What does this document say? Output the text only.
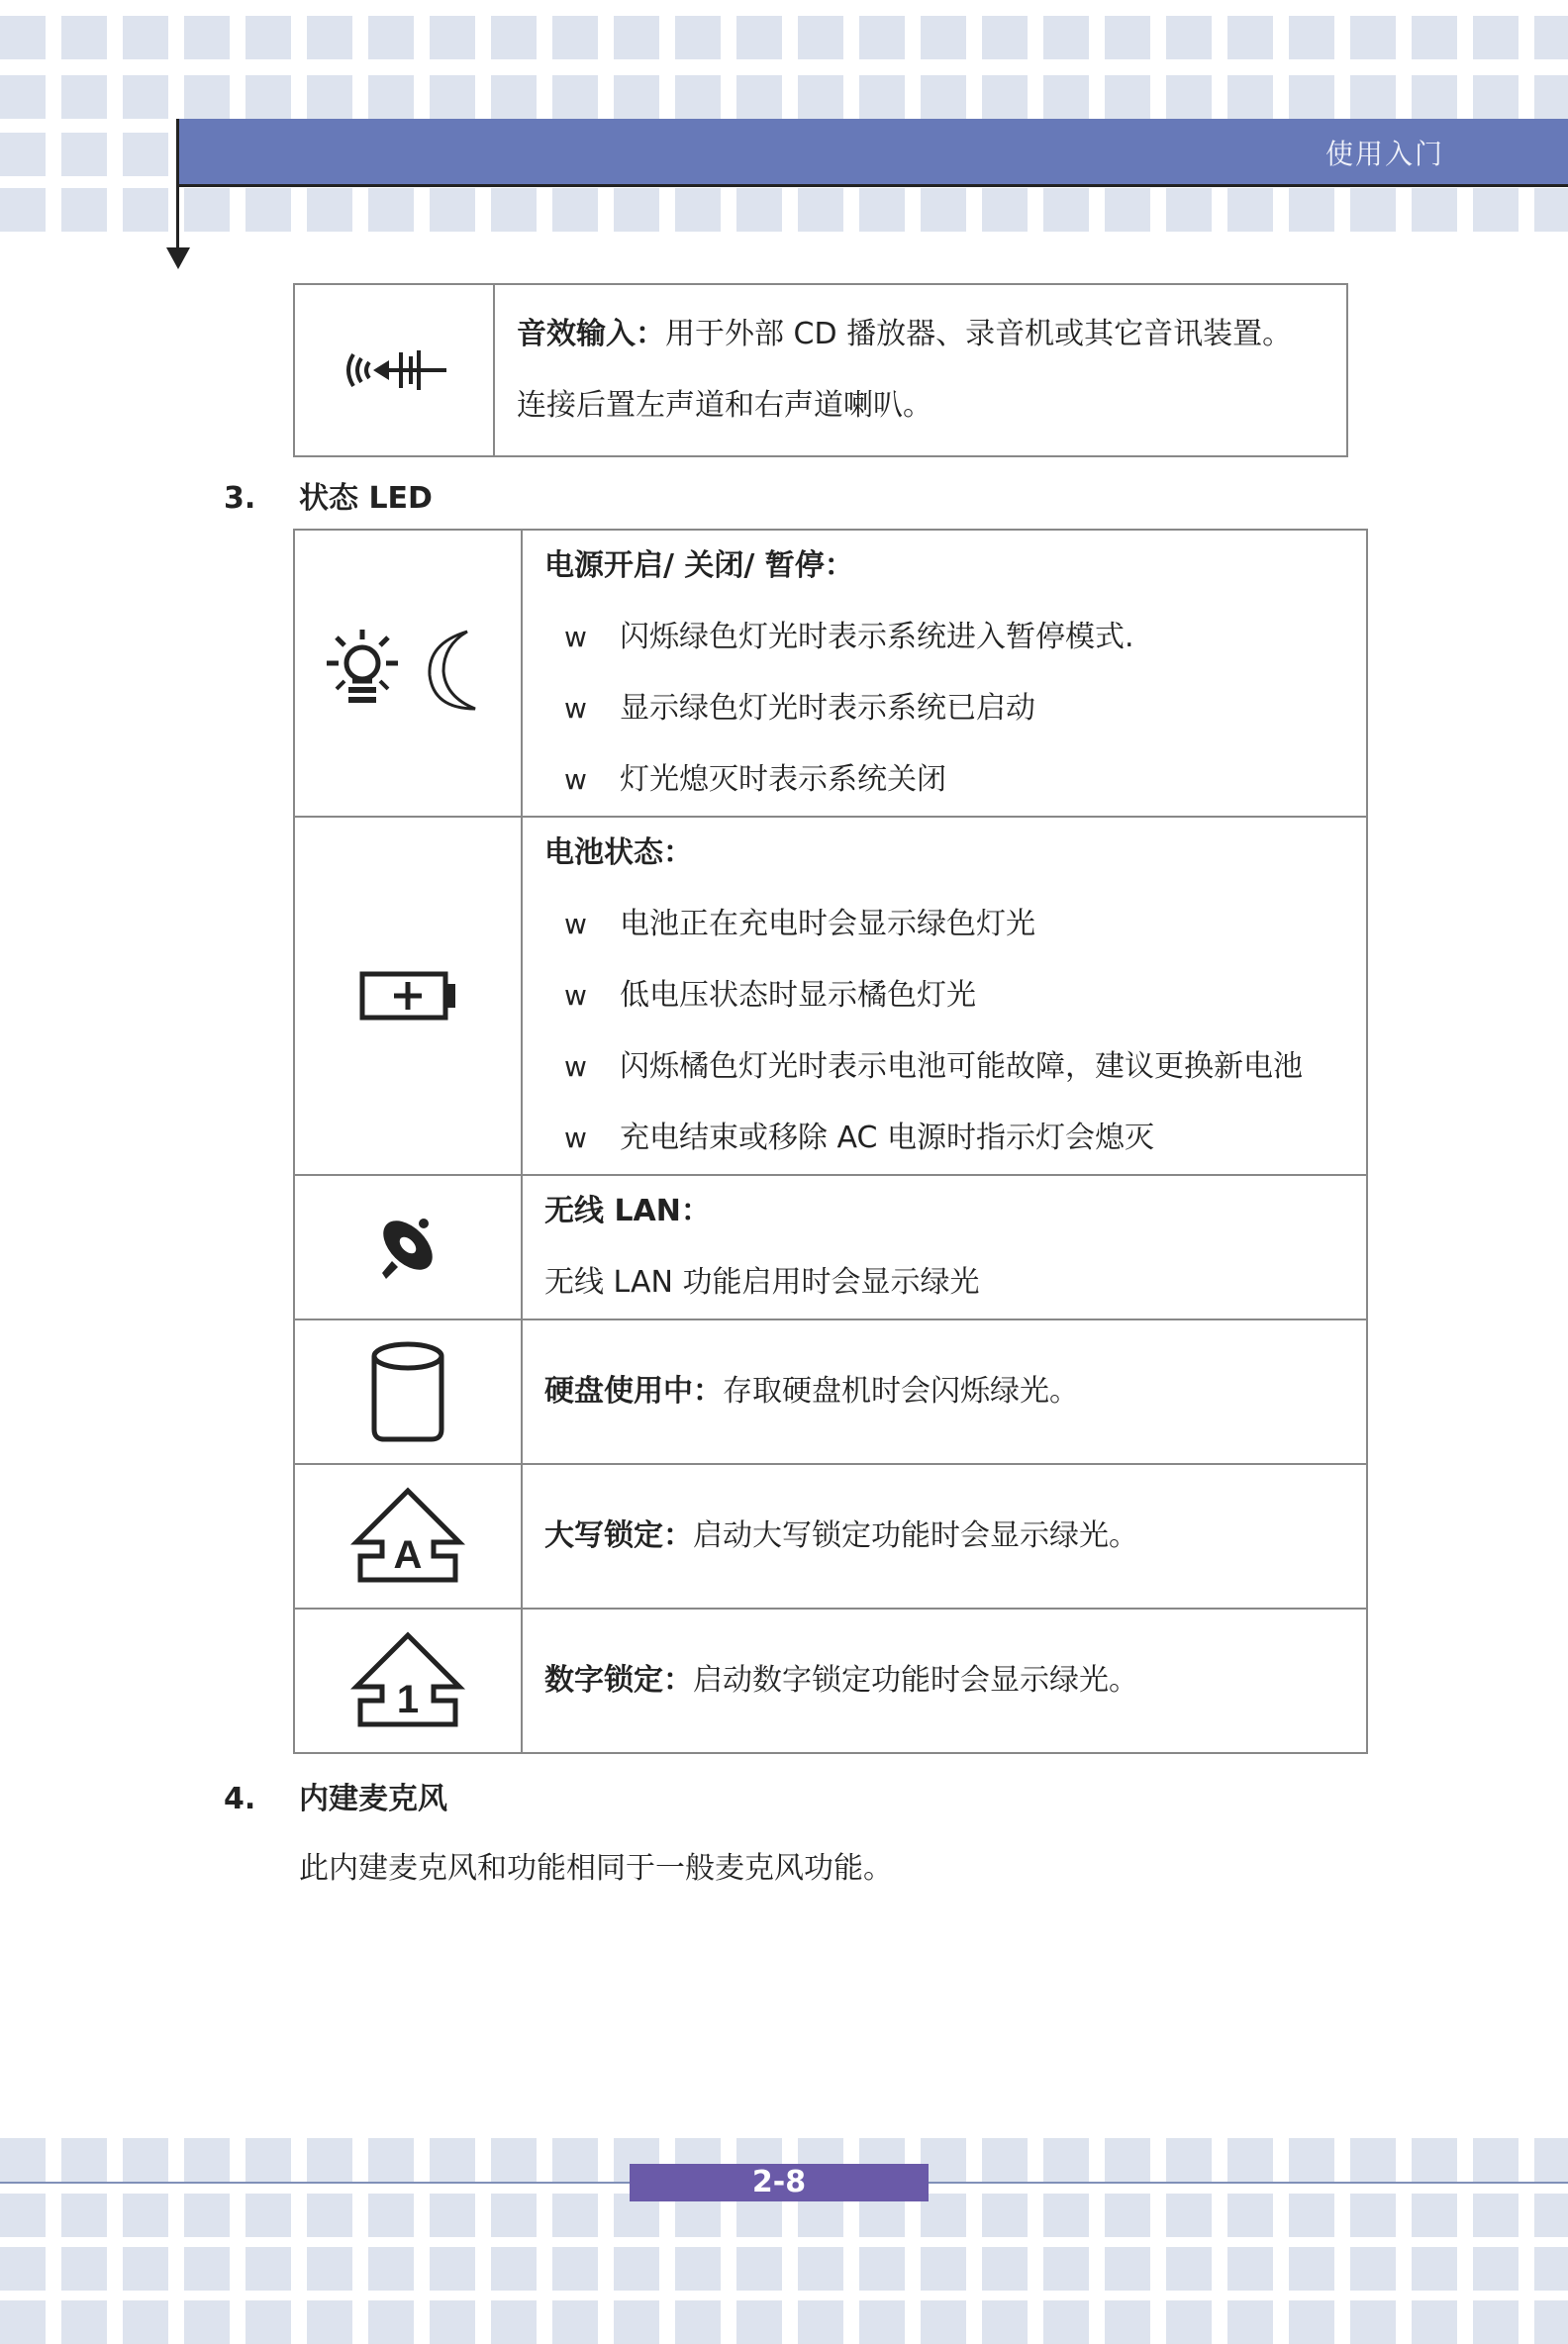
使用入门

音效输入：用于外部 CD 播放器、录音机或其它音讯装置。
连接后置左声道和右声道喇叭。
3. 状态 LED

电源开启/ 关闭/ 暂停：
w 闪烁绿色灯光时表示系统进入暂停模式.
w 显示绿色灯光时表示系统已启动
w 灯光熄灭时表示系统关闭

电池状态：
w 电池正在充电时会显示绿色灯光
w 低电压状态时显示橘色灯光
w 闪烁橘色灯光时表示电池可能故障，建议更换新电池
w 充电结束或移除 AC 电源时指示灯会熄灭

无线 LAN：
无线 LAN 功能启用时会显示绿光

	硬盘使用中：存取硬盘机时会闪烁绿光。

A	大写锁定：启动大写锁定功能时会显示绿光。

1	数字锁定：启动数字锁定功能时会显示绿光。
4. 内建麦克风
此内建麦克风和功能相同于一般麦克风功能。
2-8
